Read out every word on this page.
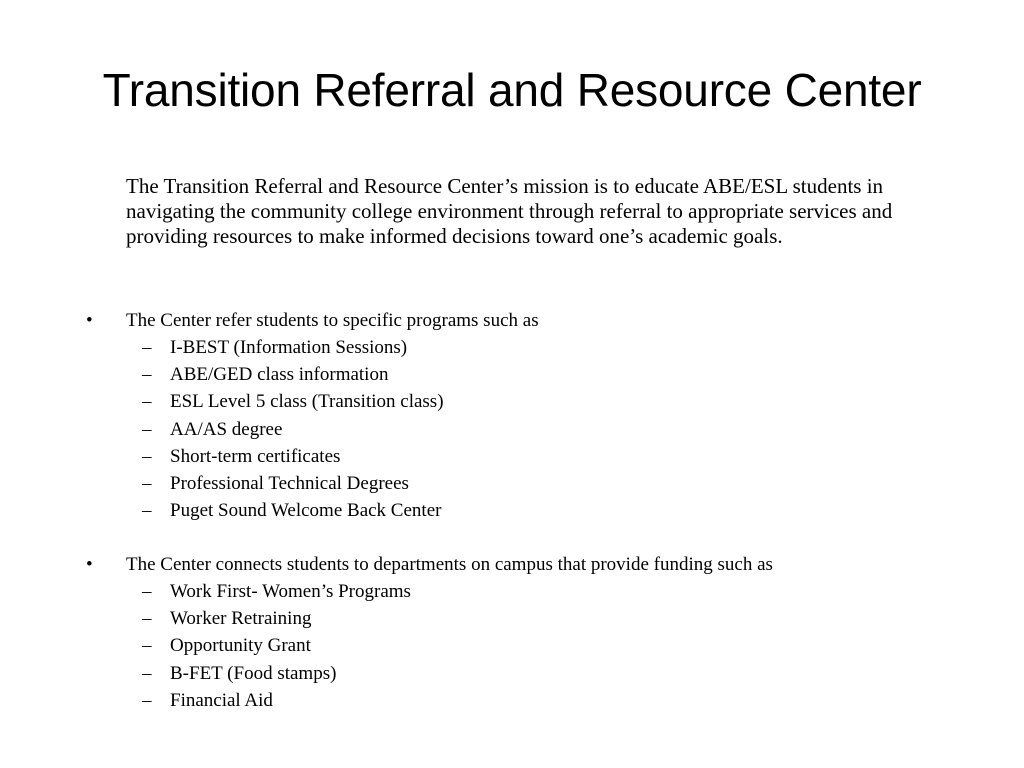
Transition Referral and Resource Center

The Transition Referral and Resource Center’s mission is to educate ABE/ESL students in navigating the community college environment through referral to appropriate services and providing resources to make informed decisions toward one’s academic goals.

•	The Center refer students to specific programs such as
– I-BEST (Information Sessions)
– ABE/GED class information
– ESL Level 5 class (Transition class)
– AA/AS degree
– Short-term certificates
– Professional Technical Degrees
– Puget Sound Welcome Back Center
•	The Center connects students to departments on campus that provide funding such as
– Work First- Women’s Programs
– Worker Retraining
– Opportunity Grant
– B-FET (Food stamps)
– Financial Aid
